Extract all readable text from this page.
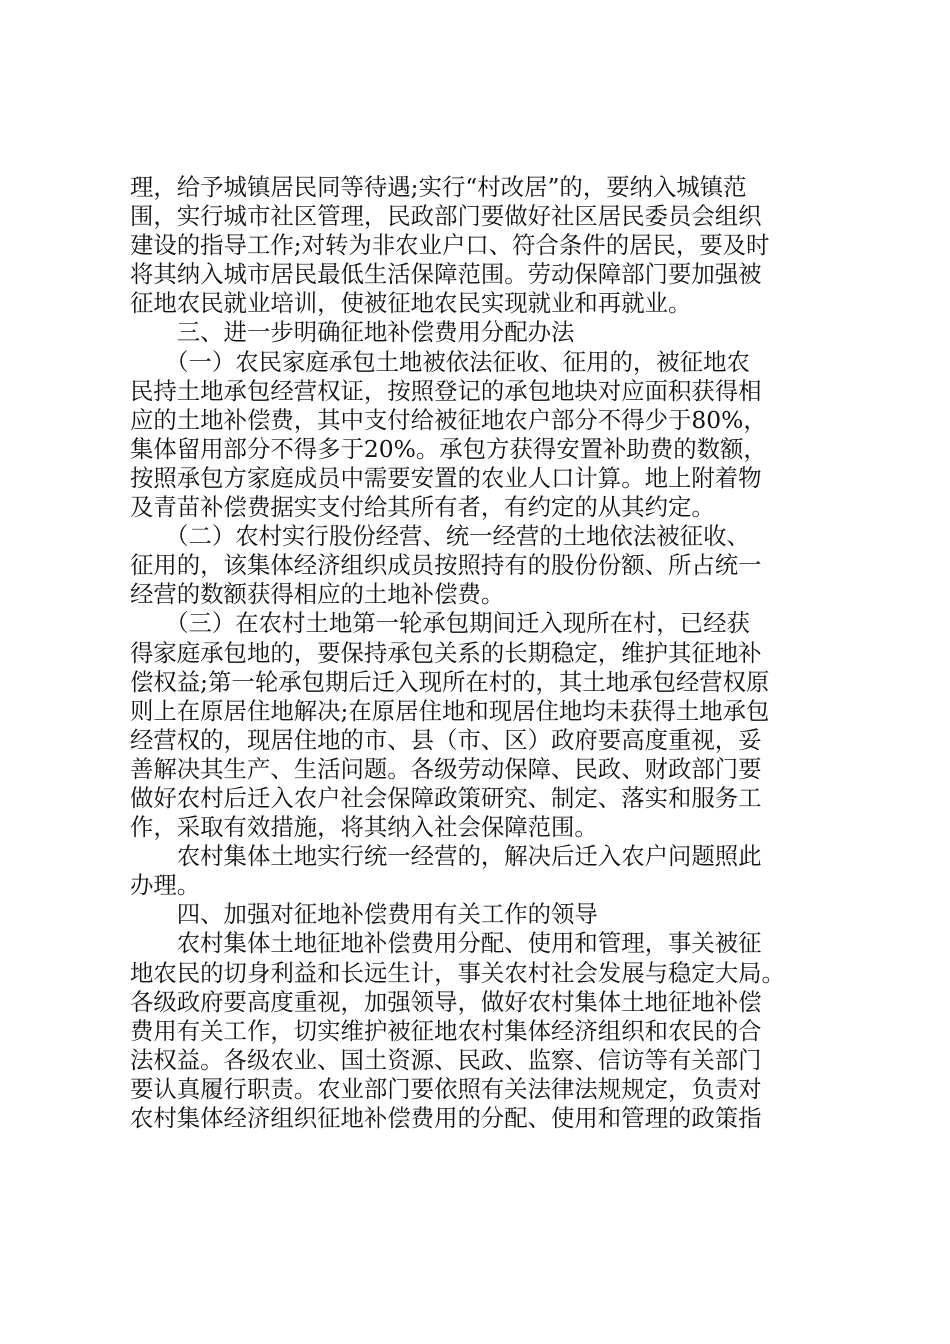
理，给予城镇居民同等待遇;实行“村改居”的，要纳入城镇范
围，实行城市社区管理，民政部门要做好社区居民委员会组织
建设的指导工作;对转为非农业户口、符合条件的居民，要及时
将其纳入城市居民最低生活保障范围。劳动保障部门要加强被
征地农民就业培训，使被征地农民实现就业和再就业。
　　三、进一步明确征地补偿费用分配办法
　　（一）农民家庭承包土地被依法征收、征用的，被征地农
民持土地承包经营权证，按照登记的承包地块对应面积获得相
应的土地补偿费，其中支付给被征地农户部分不得少于80%，
集体留用部分不得多于20%。承包方获得安置补助费的数额，
按照承包方家庭成员中需要安置的农业人口计算。地上附着物
及青苗补偿费据实支付给其所有者，有约定的从其约定。
　　（二）农村实行股份经营、统一经营的土地依法被征收、
征用的，该集体经济组织成员按照持有的股份份额、所占统一
经营的数额获得相应的土地补偿费。
　　（三）在农村土地第一轮承包期间迁入现所在村，已经获
得家庭承包地的，要保持承包关系的长期稳定，维护其征地补
偿权益;第一轮承包期后迁入现所在村的，其土地承包经营权原
则上在原居住地解决;在原居住地和现居住地均未获得土地承包
经营权的，现居住地的市、县（市、区）政府要高度重视，妥
善解决其生产、生活问题。各级劳动保障、民政、财政部门要
做好农村后迁入农户社会保障政策研究、制定、落实和服务工
作，采取有效措施，将其纳入社会保障范围。
　　农村集体土地实行统一经营的，解决后迁入农户问题照此
办理。
　　四、加强对征地补偿费用有关工作的领导
　　农村集体土地征地补偿费用分配、使用和管理，事关被征
地农民的切身利益和长远生计，事关农村社会发展与稳定大局。
各级政府要高度重视，加强领导，做好农村集体土地征地补偿
费用有关工作，切实维护被征地农村集体经济组织和农民的合
法权益。各级农业、国土资源、民政、监察、信访等有关部门
要认真履行职责。农业部门要依照有关法律法规规定，负责对
农村集体经济组织征地补偿费用的分配、使用和管理的政策指
